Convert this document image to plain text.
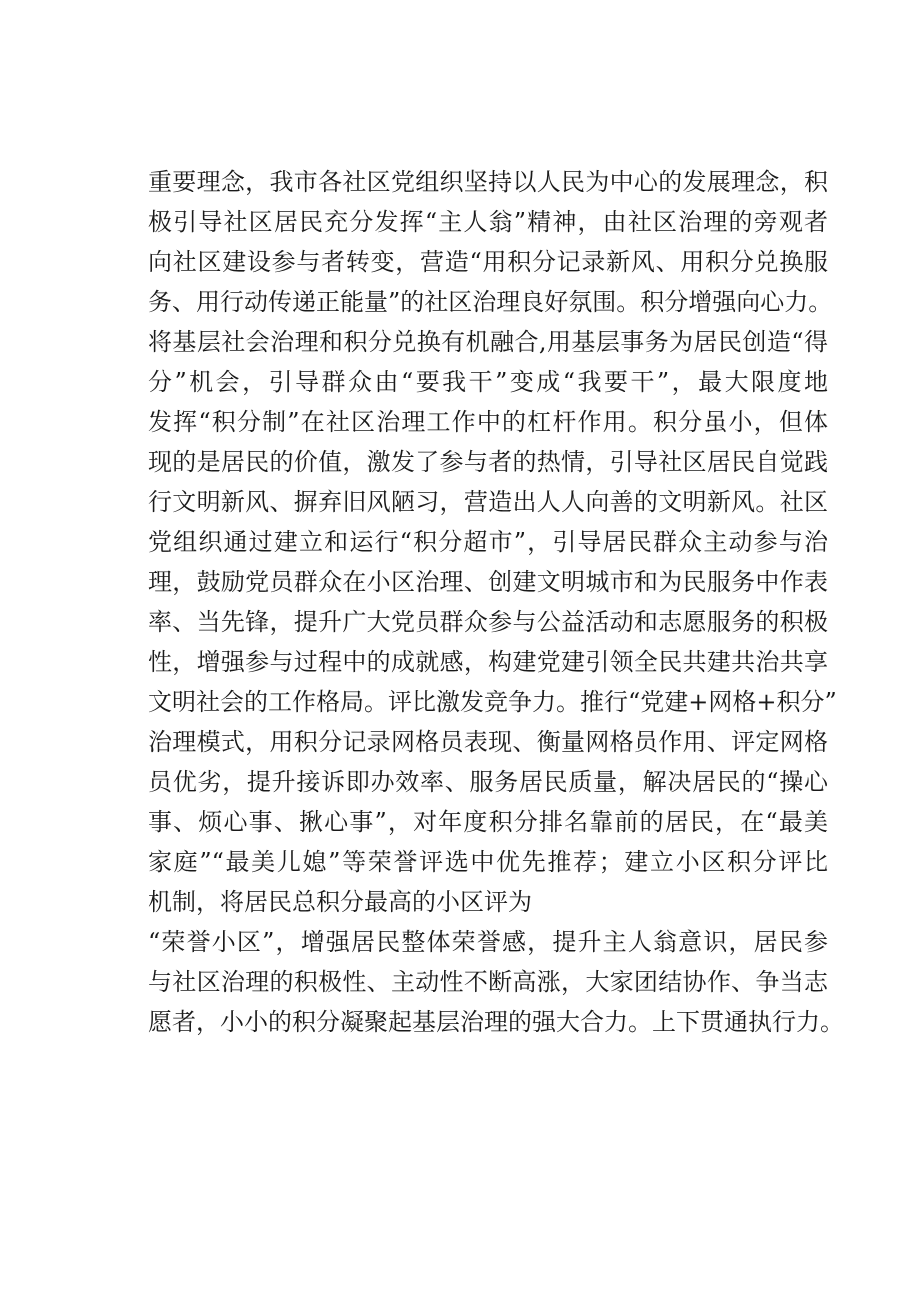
重要理念，我市各社区党组织坚持以人民为中心的发展理念，积
极引导社区居民充分发挥“主人翁”精神，由社区治理的旁观者
向社区建设参与者转变，营造“用积分记录新风、用积分兑换服
务、用行动传递正能量”的社区治理良好氛围。积分增强向心力。
将基层社会治理和积分兑换有机融合,用基层事务为居民创造“得
分”机会，引导群众由“要我干”变成“我要干”，最大限度地
发挥“积分制”在社区治理工作中的杠杆作用。积分虽小，但体
现的是居民的价值，激发了参与者的热情，引导社区居民自觉践
行文明新风、摒弃旧风陋习，营造出人人向善的文明新风。社区
党组织通过建立和运行“积分超市”，引导居民群众主动参与治
理，鼓励党员群众在小区治理、创建文明城市和为民服务中作表
率、当先锋，提升广大党员群众参与公益活动和志愿服务的积极
性，增强参与过程中的成就感，构建党建引领全民共建共治共享
文明社会的工作格局。评比激发竞争力。推行“党建+网格+积分”
治理模式，用积分记录网格员表现、衡量网格员作用、评定网格
员优劣，提升接诉即办效率、服务居民质量，解决居民的“操心
事、烦心事、揪心事”，对年度积分排名靠前的居民，在“最美
家庭”“最美儿媳”等荣誉评选中优先推荐；建立小区积分评比
机制，将居民总积分最高的小区评为
“荣誉小区”，增强居民整体荣誉感，提升主人翁意识，居民参
与社区治理的积极性、主动性不断高涨，大家团结协作、争当志
愿者，小小的积分凝聚起基层治理的强大合力。上下贯通执行力。
